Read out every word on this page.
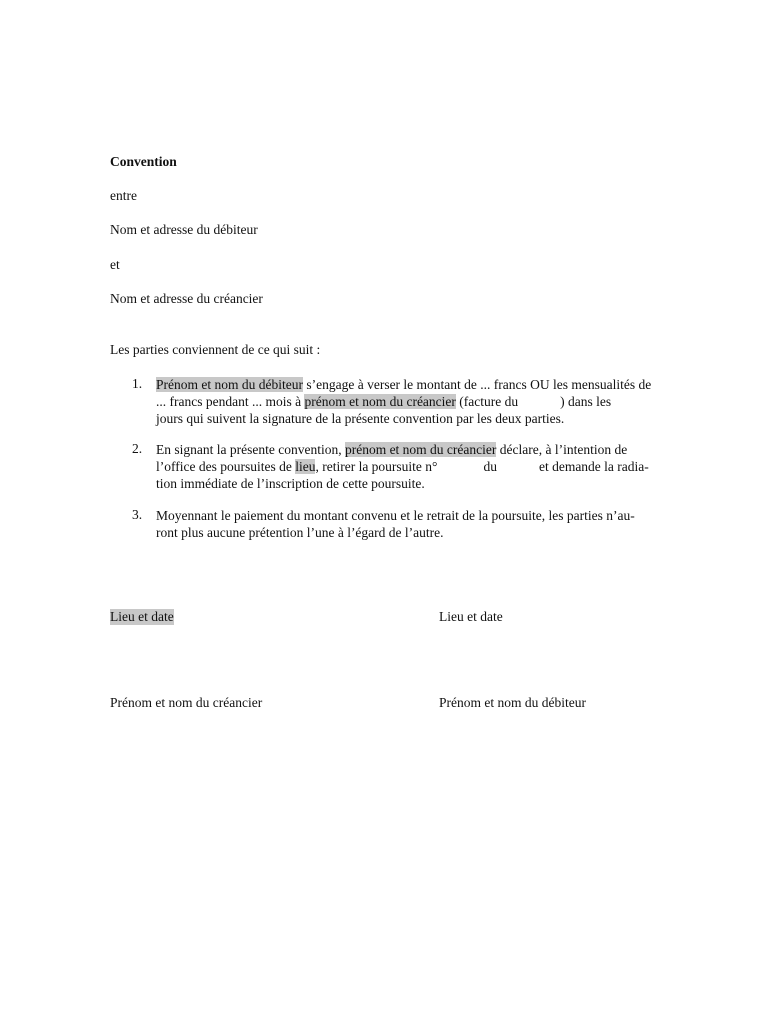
Convention
entre
Nom et adresse du débiteur
et
Nom et adresse du créancier
Les parties conviennent de ce qui suit :
1. Prénom et nom du débiteur s’engage à verser le montant de ... francs OU les mensualités de
... francs pendant ... mois à prénom et nom du créancier (facture du	) dans les
jours qui suivent la signature de la présente convention par les deux parties.
2. En signant la présente convention, prénom et nom du créancier déclare, à l’intention de
l’office des poursuites de lieu, retirer la poursuite n°	du	et demande la radia-
tion immédiate de l’inscription de cette poursuite.
3. Moyennant le paiement du montant convenu et le retrait de la poursuite, les parties n’au-
ront plus aucune prétention l’une à l’égard de l’autre.
Lieu et date	Lieu et date
Prénom et nom du créancier	Prénom et nom du débiteur
